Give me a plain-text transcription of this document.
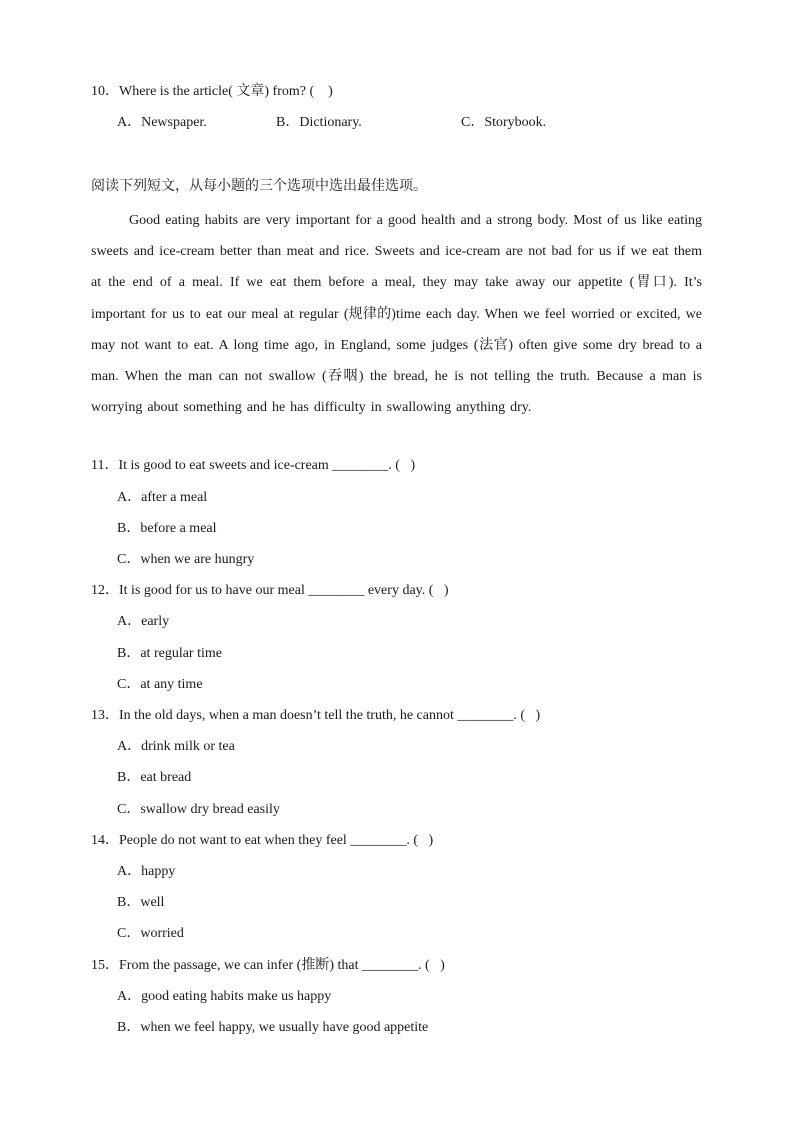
10．Where is the article( 文章) from? (    )
A．Newspaper.	B．Dictionary.	C．Storybook.
阅读下列短文，从每小题的三个选项中选出最佳选项。

Good eating habits are very important for a good health and a strong body. Most of us like eating sweets and ice-cream better than meat and rice. Sweets and ice-cream are not bad for us if we eat them at the end of a meal. If we eat them before a meal, they may take away our appetite (胃口). It’s important for us to eat our meal at regular (规律的)time each day. When we feel worried or excited, we may not want to eat. A long time ago, in England, some judges (法官) often give some dry bread to a man. When the man can not swallow (吞咽) the bread, he is not telling the truth. Because a man is worrying about something and he has difficulty in swallowing anything dry.

11．It is good to eat sweets and ice-cream ________. (   )
A．after a meal
B．before a meal
C．when we are hungry
12．It is good for us to have our meal ________ every day. (   )
A．early
B．at regular time
C．at any time
13．In the old days, when a man doesn’t tell the truth, he cannot ________. (   )
A．drink milk or tea
B．eat bread
C．swallow dry bread easily
14．People do not want to eat when they feel ________. (   )
A．happy
B．well
C．worried
15．From the passage, we can infer (推断) that ________. (   )
A．good eating habits make us happy
B．when we feel happy, we usually have good appetite
